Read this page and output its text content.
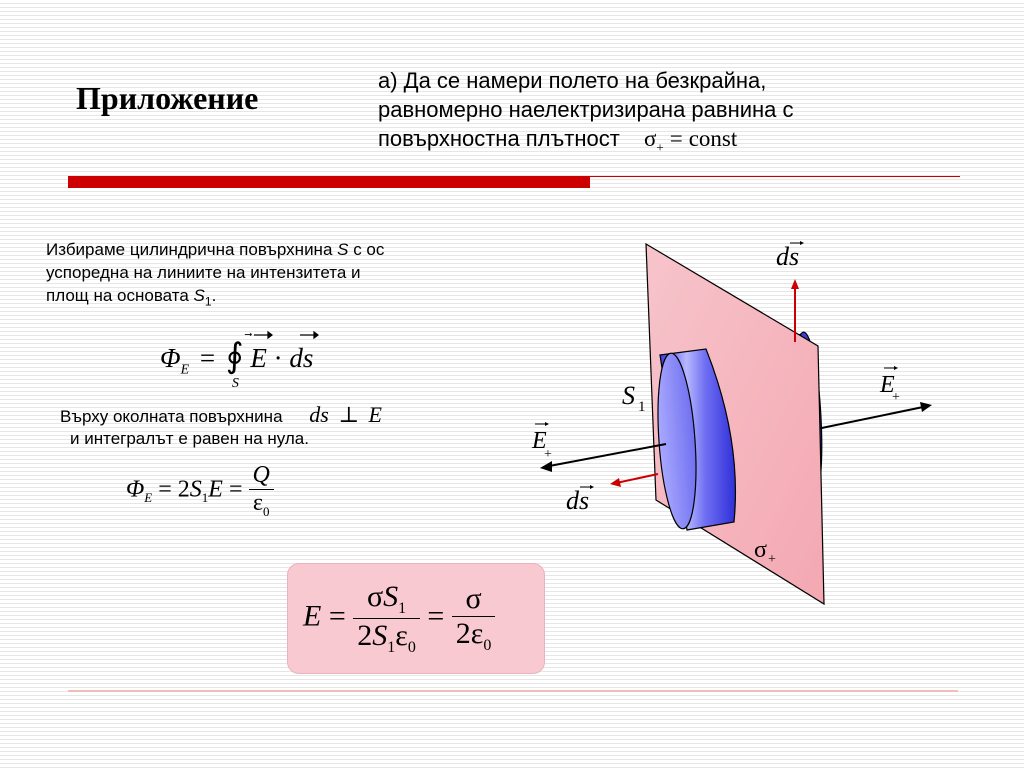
Приложение	а) Да се намери полето на безкрайна,
равномерно наелектризирана равнина с
повърхностна плътност $\sigma_+$ = const
Избираме цилиндрична повърхнина S с ос
успоредна на линиите на интензитета и
площ на основата $S_1$.
$\Phi_E$ = ∮
S
E · ds
Върху околната повърхнина ds ⊥ E
и интегралът е равен на нула.
$\Phi_E = 2S_1E = \frac{Q}{\varepsilon_0}$
$E = \frac{\sigma S_1}{2S_1\varepsilon_0} = \frac{\sigma}{2\varepsilon_0}$
ds
ds
E
+
E
+
S 1
σ +
